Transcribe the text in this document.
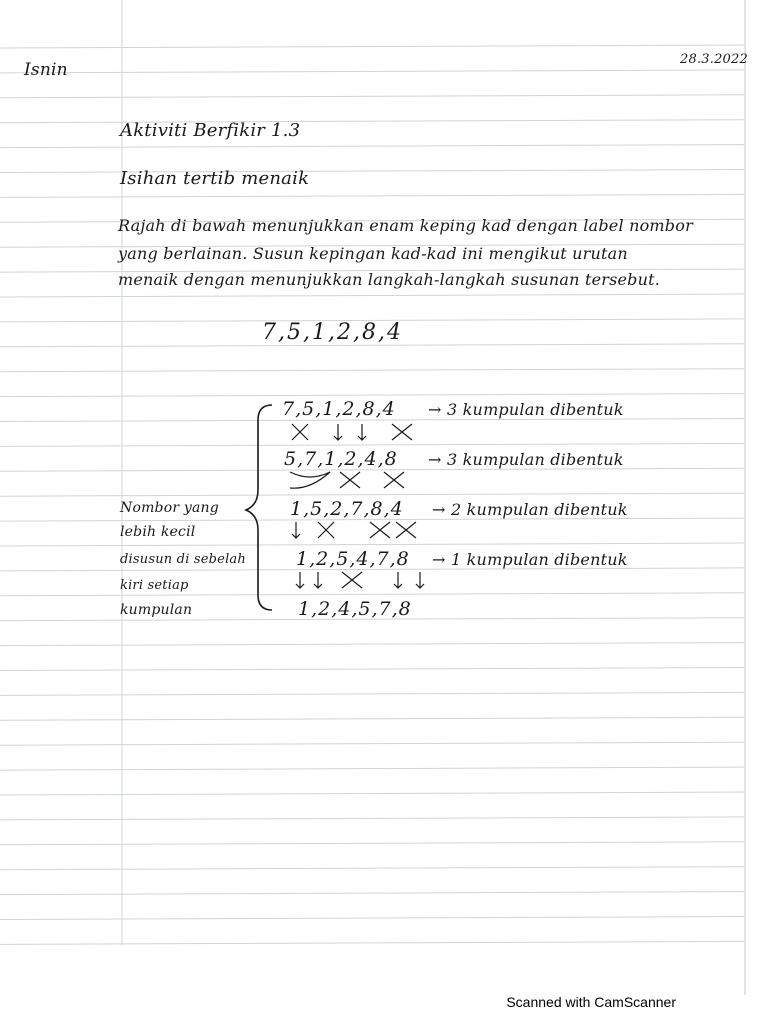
Isnin
28.3.2022
Aktiviti Berfikir 1.3
Isihan tertib menaik
Rajah di bawah menunjukkan enam keping kad dengan label nombor
yang berlainan. Susun kepingan kad-kad ini mengikut urutan
menaik dengan menunjukkan langkah-langkah susunan tersebut.
7,5,1,2,8,4
7,5,1,2,8,4 → 3 kumpulan dibentuk
5,7,1,2,4,8 → 3 kumpulan dibentuk
1,5,2,7,8,4 → 2 kumpulan dibentuk
1,2,5,4,7,8 → 1 kumpulan dibentuk
1,2,4,5,7,8
Nombor yang
lebih kecil
disusun di sebelah
kiri setiap
kumpulan
Scanned with CamScanner
